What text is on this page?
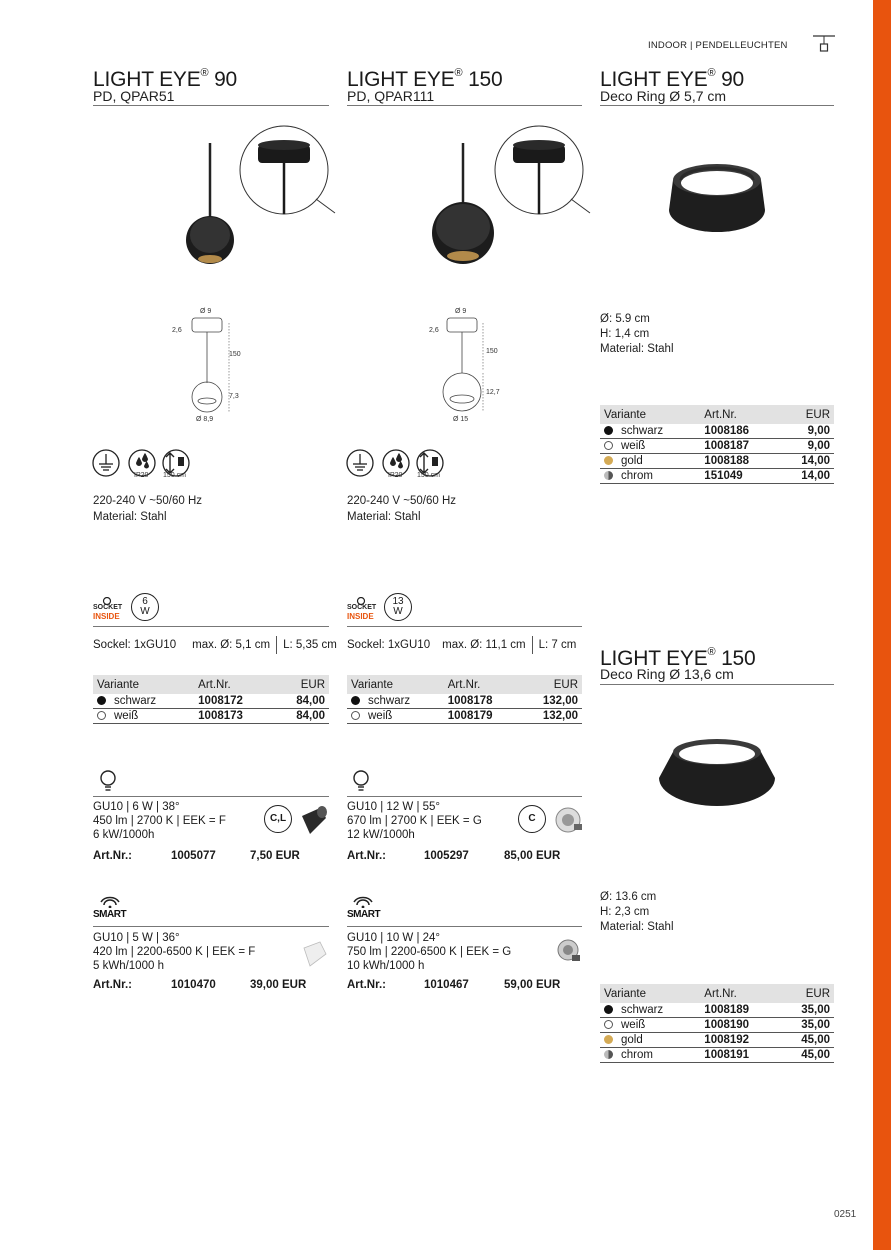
INDOOR | PENDELLEUCHTEN
LIGHT EYE® 90
PD, QPAR51
Ø 9
2,6
150
7,3
Ø 8,9
IP20 150 cm
220-240 V ~50/60 Hz
Material: Stahl
SOCKET
INSIDE
6
W
Sockel: 1xGU10	max. Ø: 5,1 cm	L: 5,35 cm
Variante	Art.Nr.	EUR
schwarz	1008172	84,00
weiß	1008173	84,00
GU10 | 6 W | 38°
450 lm | 2700 K | EEK = F
6 kW/1000h
C,L
Art.Nr.:	1005077	7,50 EUR
SMART
GU10 | 5 W | 36°
420 lm | 2200-6500 K | EEK = F
5 kWh/1000 h
Art.Nr.:	1010470	39,00 EUR
LIGHT EYE® 150
PD, QPAR111
Ø 9
2,6
150
12,7
Ø 15
IP20 150 cm
220-240 V ~50/60 Hz
Material: Stahl
SOCKET
INSIDE
13
W
Sockel: 1xGU10	max. Ø: 11,1 cm	L: 7 cm
Variante	Art.Nr.	EUR
schwarz	1008178	132,00
weiß	1008179	132,00
GU10 | 12 W | 55°
670 lm | 2700 K | EEK = G
12 kW/1000h
C
Art.Nr.:	1005297	85,00 EUR
SMART
GU10 | 10 W | 24°
750 lm | 2200-6500 K | EEK = G
10 kWh/1000 h
Art.Nr.:	1010467	59,00 EUR
LIGHT EYE® 90
Deco Ring Ø 5,7 cm
Ø: 5.9 cm
H: 1,4 cm
Material: Stahl
Variante	Art.Nr.	EUR
schwarz	1008186	9,00
weiß	1008187	9,00
gold	1008188	14,00
chrom	151049	14,00
LIGHT EYE® 150
Deco Ring Ø 13,6 cm
Ø: 13.6 cm
H: 2,3 cm
Material: Stahl
Variante	Art.Nr.	EUR
schwarz	1008189	35,00
weiß	1008190	35,00
gold	1008192	45,00
chrom	1008191	45,00
0251
